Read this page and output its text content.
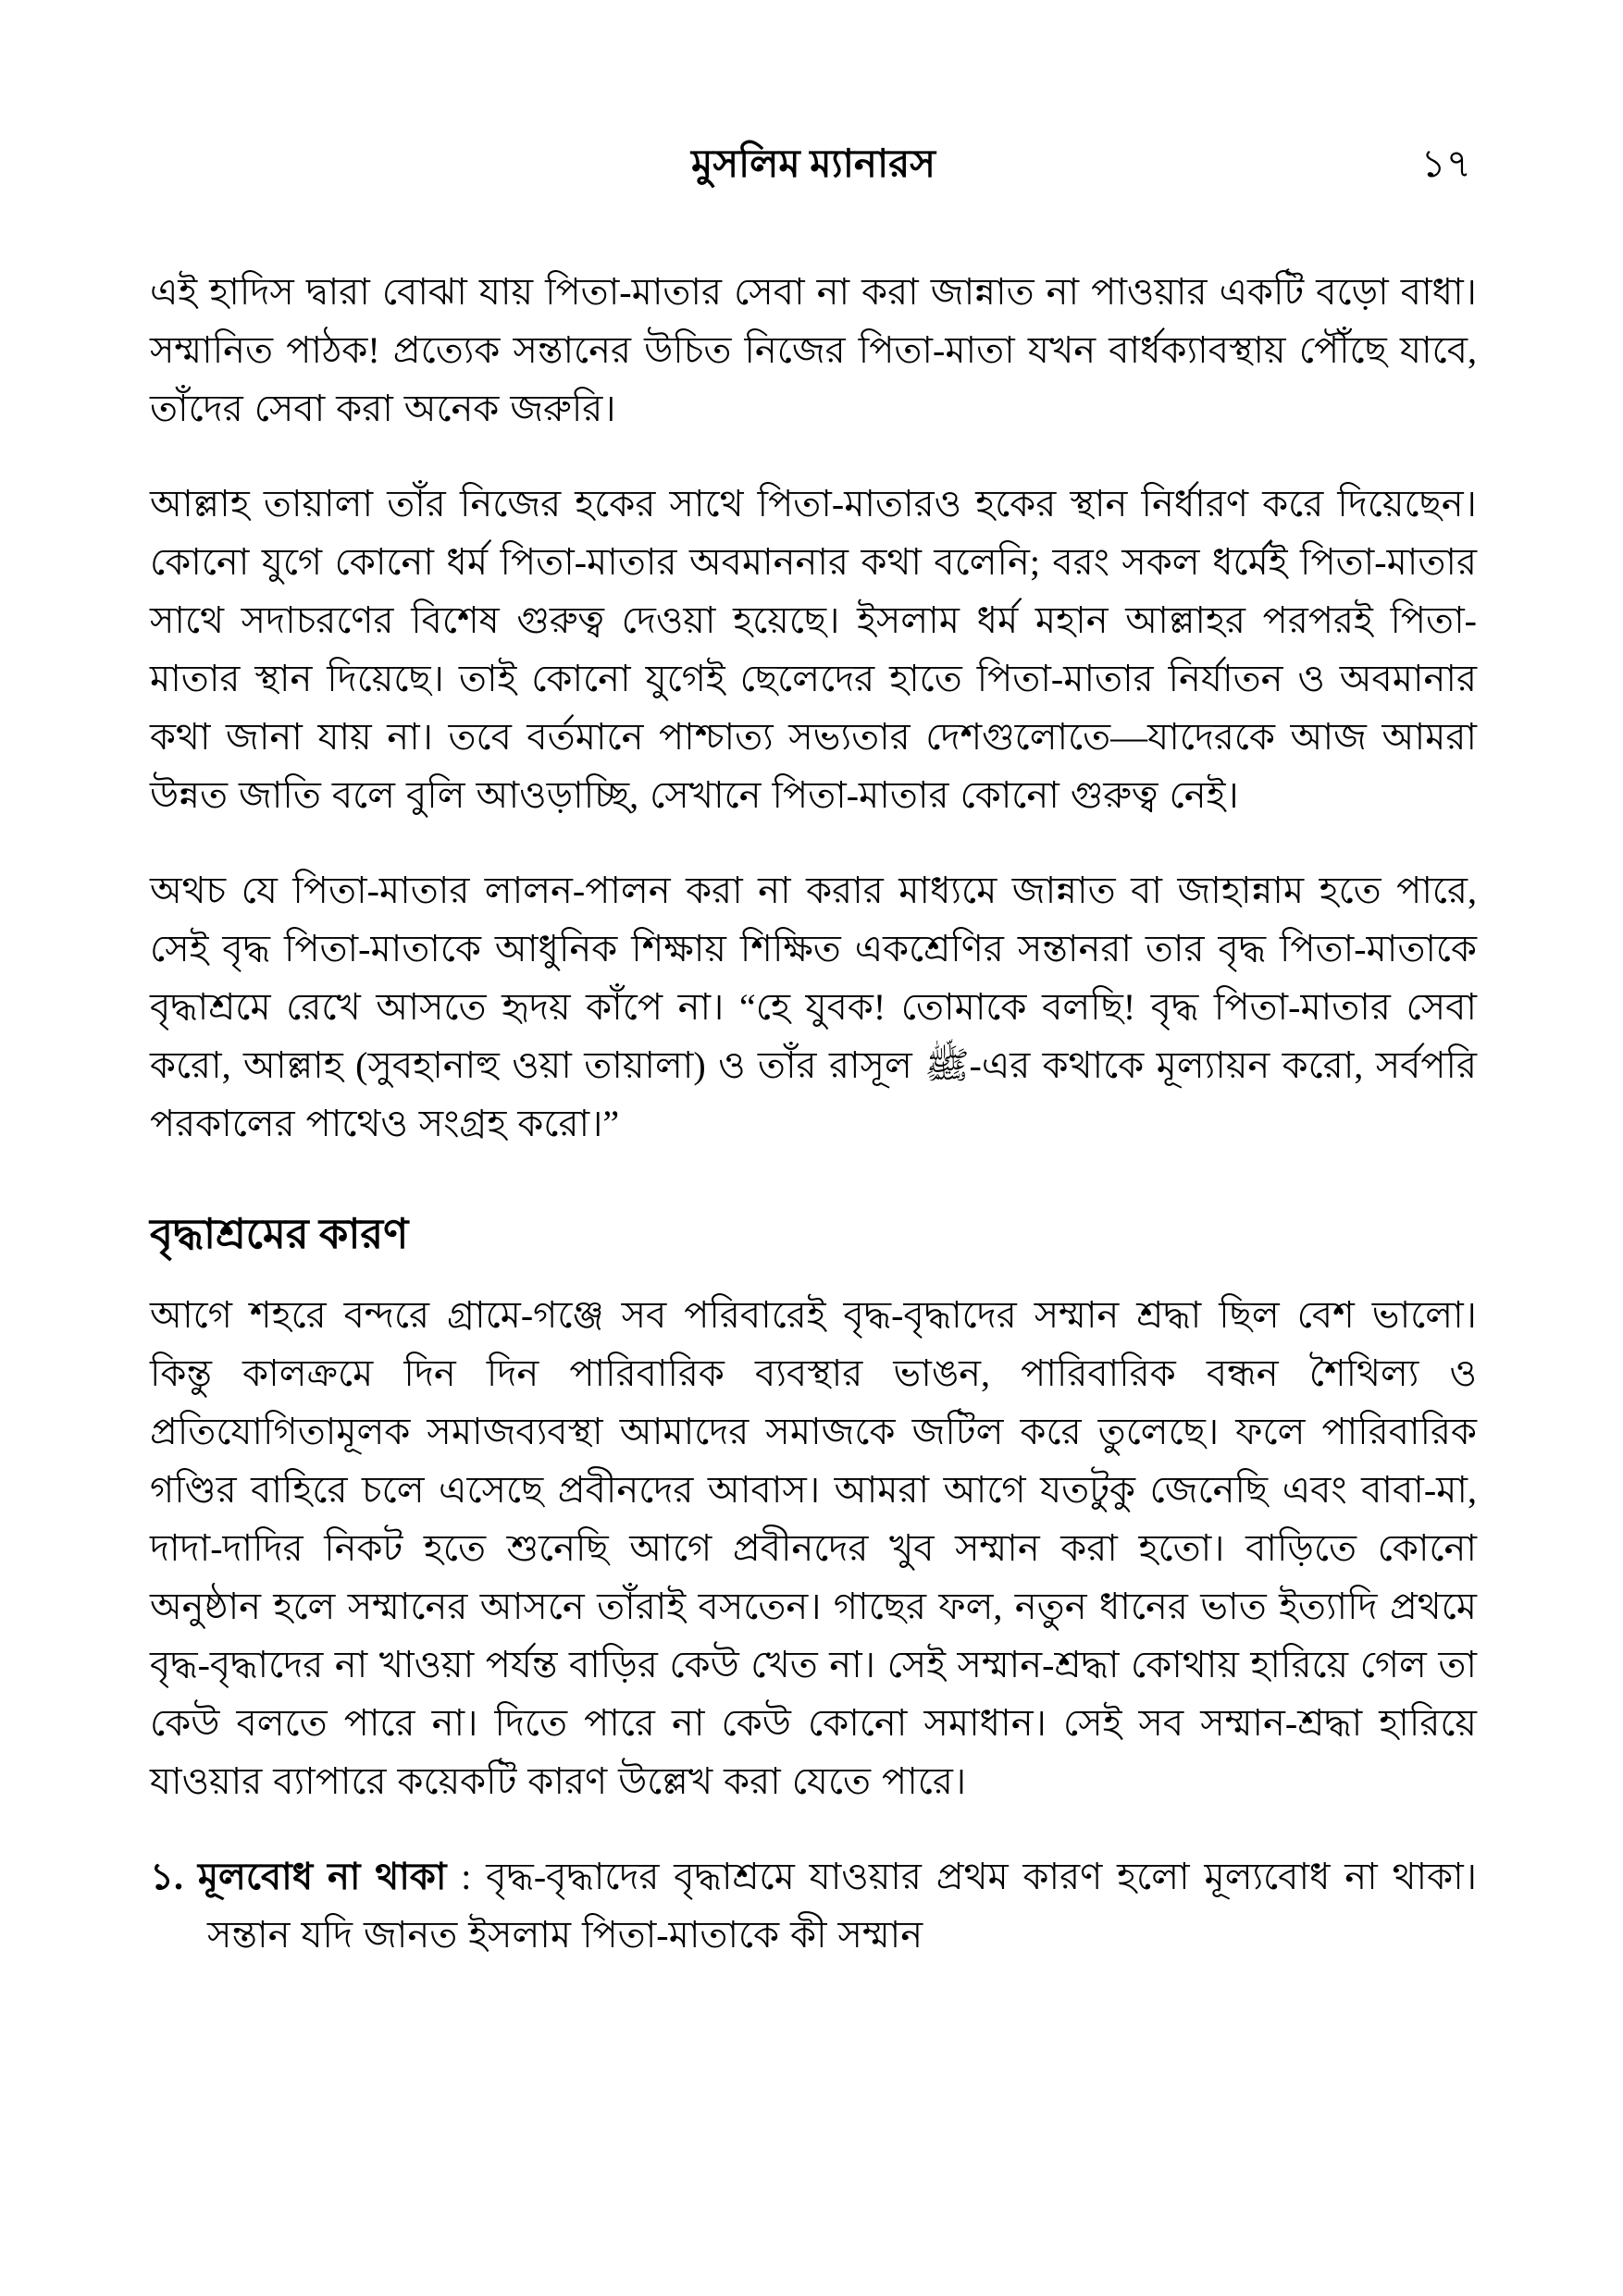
মুসলিম ম্যানারস	১৭

এই হাদিস দ্বারা বোঝা যায় পিতা-মাতার সেবা না করা জান্নাত না পাওয়ার একটি বড়ো বাধা। সম্মানিত পাঠক! প্রত্যেক সন্তানের উচিত নিজের পিতা-মাতা যখন বার্ধক্যাবস্থায় পৌঁছে যাবে, তাঁদের সেবা করা অনেক জরুরি।

আল্লাহ তায়ালা তাঁর নিজের হকের সাথে পিতা-মাতারও হকের স্থান নির্ধারণ করে দিয়েছেন। কোনো যুগে কোনো ধর্ম পিতা-মাতার অবমাননার কথা বলেনি; বরং সকল ধর্মেই পিতা-মাতার সাথে সদাচরণের বিশেষ গুরুত্ব দেওয়া হয়েছে। ইসলাম ধর্ম মহান আল্লাহর পরপরই পিতা-মাতার স্থান দিয়েছে। তাই কোনো যুগেই ছেলেদের হাতে পিতা-মাতার নির্যাতন ও অবমানার কথা জানা যায় না। তবে বর্তমানে পাশ্চাত্য সভ্যতার দেশগুলোতে—যাদেরকে আজ আমরা উন্নত জাতি বলে বুলি আওড়াচ্ছি, সেখানে পিতা-মাতার কোনো গুরুত্ব নেই।

অথচ যে পিতা-মাতার লালন-পালন করা না করার মাধ্যমে জান্নাত বা জাহান্নাম হতে পারে, সেই বৃদ্ধ পিতা-মাতাকে আধুনিক শিক্ষায় শিক্ষিত একশ্রেণির সন্তানরা তার বৃদ্ধ পিতা-মাতাকে বৃদ্ধাশ্রমে রেখে আসতে হৃদয় কাঁপে না। “হে যুবক! তোমাকে বলছি! বৃদ্ধ পিতা-মাতার সেবা করো, আল্লাহ (সুবহানাহু ওয়া তায়ালা) ও তাঁর রাসূল ﷺ-এর কথাকে মূল্যায়ন করো, সর্বপরি পরকালের পাথেও সংগ্রহ করো।”

বৃদ্ধাশ্রমের কারণ

আগে শহরে বন্দরে গ্রামে-গঞ্জে সব পরিবারেই বৃদ্ধ-বৃদ্ধাদের সম্মান শ্রদ্ধা ছিল বেশ ভালো। কিন্তু কালক্রমে দিন দিন পারিবারিক ব্যবস্থার ভাঙন, পারিবারিক বন্ধন শৈথিল্য ও প্রতিযোগিতামূলক সমাজব্যবস্থা আমাদের সমাজকে জটিল করে তুলেছে। ফলে পারিবারিক গণ্ডির বাহিরে চলে এসেছে প্রবীনদের আবাস। আমরা আগে যতটুকু জেনেছি এবং বাবা-মা, দাদা-দাদির নিকট হতে শুনেছি আগে প্রবীনদের খুব সম্মান করা হতো। বাড়িতে কোনো অনুষ্ঠান হলে সম্মানের আসনে তাঁরাই বসতেন। গাছের ফল, নতুন ধানের ভাত ইত্যাদি প্রথমে বৃদ্ধ-বৃদ্ধাদের না খাওয়া পর্যন্ত বাড়ির কেউ খেত না। সেই সম্মান-শ্রদ্ধা কোথায় হারিয়ে গেল তা কেউ বলতে পারে না। দিতে পারে না কেউ কোনো সমাধান। সেই সব সম্মান-শ্রদ্ধা হারিয়ে যাওয়ার ব্যাপারে কয়েকটি কারণ উল্লেখ করা যেতে পারে।

১. মূলবোধ না থাকা : বৃদ্ধ-বৃদ্ধাদের বৃদ্ধাশ্রমে যাওয়ার প্রথম কারণ হলো মূল্যবোধ না থাকা। সন্তান যদি জানত ইসলাম পিতা-মাতাকে কী সম্মান
